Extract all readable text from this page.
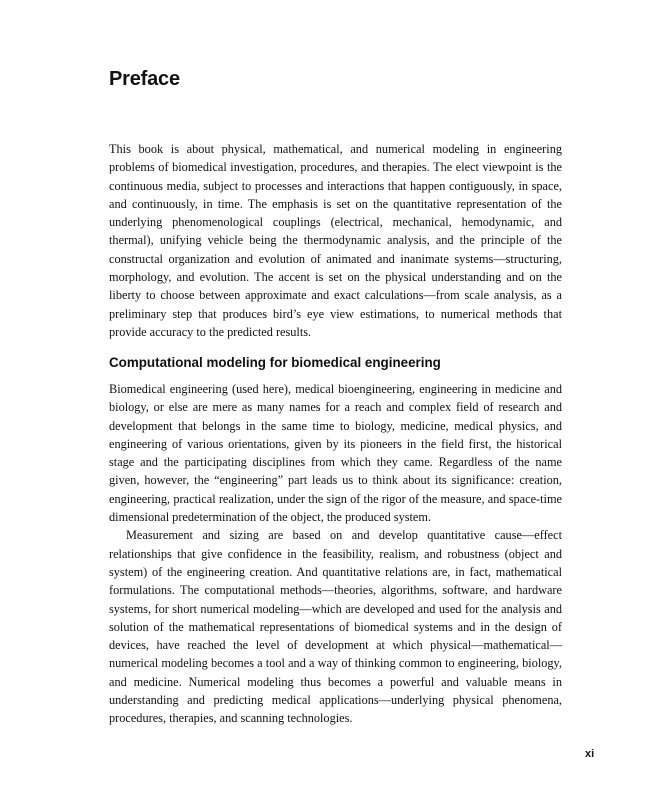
Preface

This book is about physical, mathematical, and numerical modeling in engineering problems of biomedical investigation, procedures, and therapies. The elect viewpoint is the continuous media, subject to processes and interactions that happen contiguously, in space, and continuously, in time. The emphasis is set on the quantitative representation of the underlying phenomenological couplings (electrical, mechanical, hemodynamic, and thermal), unifying vehicle being the thermodynamic analysis, and the principle of the constructal organization and evolution of animated and inanimate systems—structuring, morphology, and evolution. The accent is set on the physical understanding and on the liberty to choose between approximate and exact calculations—from scale analysis, as a preliminary step that produces bird’s eye view estimations, to numerical methods that provide accuracy to the predicted results.

Computational modeling for biomedical engineering

Biomedical engineering (used here), medical bioengineering, engineering in medicine and biology, or else are mere as many names for a reach and complex field of research and development that belongs in the same time to biology, medicine, medical physics, and engineering of various orientations, given by its pioneers in the field first, the historical stage and the participating disciplines from which they came. Regardless of the name given, however, the “engineering” part leads us to think about its significance: creation, engineering, practical realization, under the sign of the rigor of the measure, and space-time dimensional predetermination of the object, the produced system.

Measurement and sizing are based on and develop quantitative cause—effect relationships that give confidence in the feasibility, realism, and robustness (object and system) of the engineering creation. And quantitative relations are, in fact, mathematical formulations. The computational methods—theories, algorithms, software, and hardware systems, for short numerical modeling—which are developed and used for the analysis and solution of the mathematical representations of biomedical systems and in the design of devices, have reached the level of development at which physical—mathematical—numerical modeling becomes a tool and a way of thinking common to engineering, biology, and medicine. Numerical modeling thus becomes a powerful and valuable means in understanding and predicting medical applications—underlying physical phenomena, procedures, therapies, and scanning technologies.

xi
